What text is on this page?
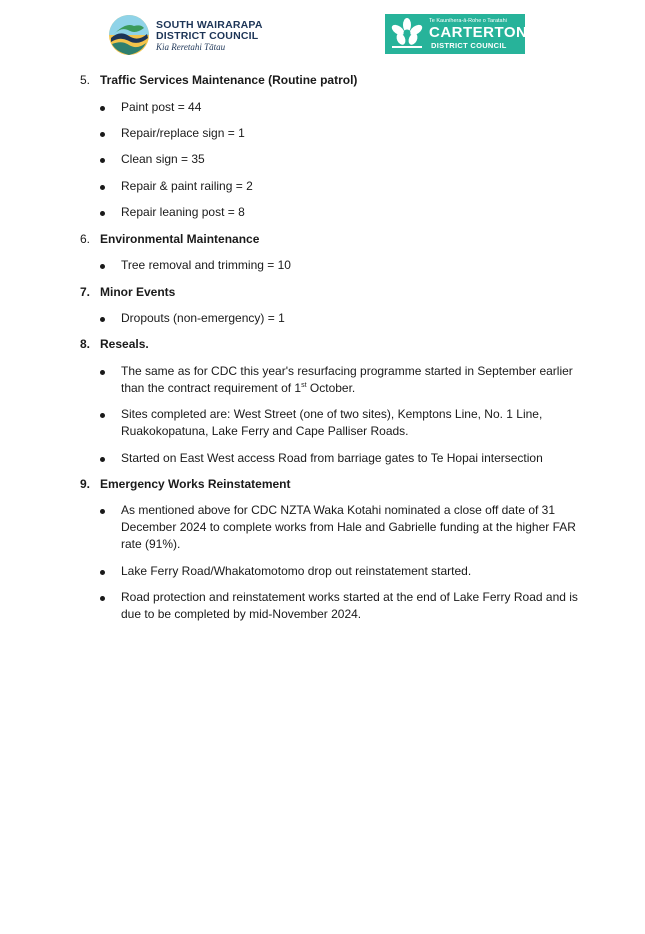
SOUTH WAIRARAPA
DISTRICT COUNCIL
Kia Reretahi Tātau
Te Kaunihera-ā-Rohe o Taratahi
CARTERTON
DISTRICT COUNCIL
5. Traffic Services Maintenance (Routine patrol)
Paint post = 44
Repair/replace sign = 1
Clean sign = 35
Repair & paint railing = 2
Repair leaning post = 8
6. Environmental Maintenance
Tree removal and trimming = 10
7. Minor Events
Dropouts (non-emergency) = 1
8. Reseals.
The same as for CDC this year's resurfacing programme started in September earlier than the contract requirement of 1st October.
Sites completed are: West Street (one of two sites), Kemptons Line, No. 1 Line, Ruakokopatuna, Lake Ferry and Cape Palliser Roads.
Started on East West access Road from barriage gates to Te Hopai intersection
9. Emergency Works Reinstatement
As mentioned above for CDC NZTA Waka Kotahi nominated a close off date of 31 December 2024 to complete works from Hale and Gabrielle funding at the higher FAR rate (91%).
Lake Ferry Road/Whakatomotomo drop out reinstatement started.
Road protection and reinstatement works started at the end of Lake Ferry Road and is due to be completed by mid-November 2024.
